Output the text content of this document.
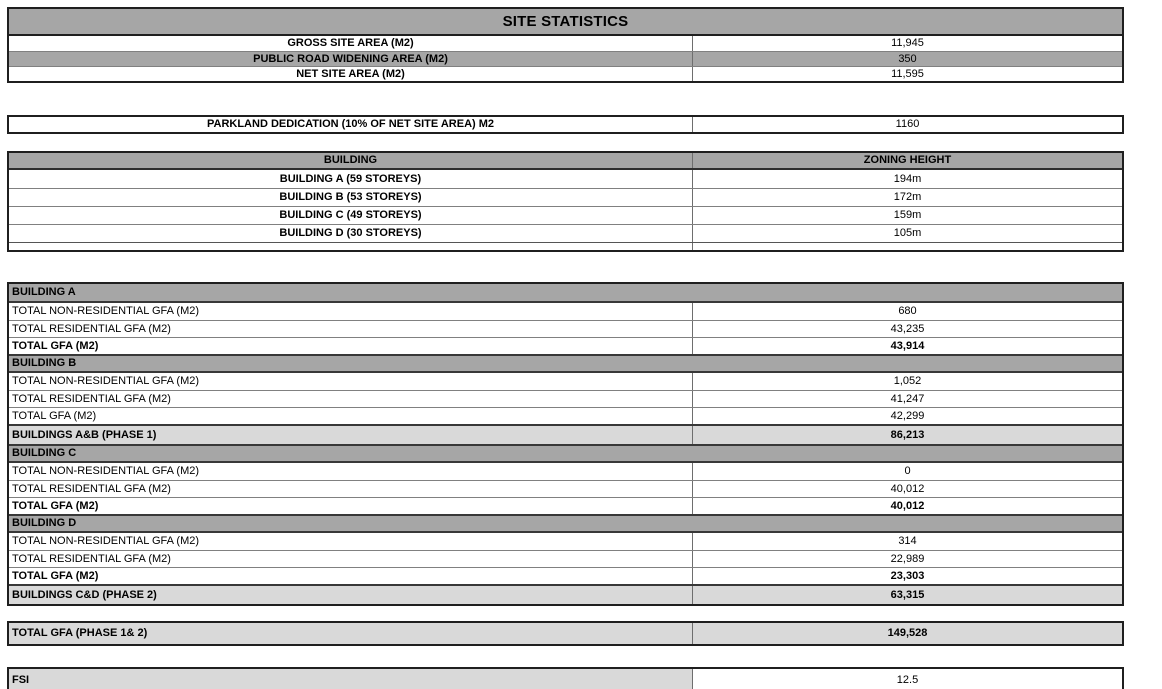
SITE STATISTICS
GROSS SITE AREA (M2)	11,945
PUBLIC ROAD WIDENING AREA (M2)	350
NET SITE AREA (M2)	11,595
PARKLAND DEDICATION (10% OF NET SITE AREA) M2	1160
BUILDING	ZONING HEIGHT
BUILDING A (59 STOREYS)	194m
BUILDING B (53 STOREYS)	172m
BUILDING C (49 STOREYS)	159m
BUILDING D (30 STOREYS)	105m
BUILDING A
TOTAL NON-RESIDENTIAL GFA (M2)	680
TOTAL RESIDENTIAL GFA (M2)	43,235
TOTAL GFA (M2)	43,914
BUILDING B
TOTAL NON-RESIDENTIAL GFA (M2)	1,052
TOTAL RESIDENTIAL GFA (M2)	41,247
TOTAL GFA (M2)	42,299
BUILDINGS A&B (PHASE 1)	86,213
BUILDING C
TOTAL NON-RESIDENTIAL GFA (M2)	0
TOTAL RESIDENTIAL GFA (M2)	40,012
TOTAL GFA (M2)	40,012
BUILDING D
TOTAL NON-RESIDENTIAL GFA (M2)	314
TOTAL RESIDENTIAL GFA (M2)	22,989
TOTAL GFA (M2)	23,303
BUILDINGS C&D (PHASE 2)	63,315
TOTAL GFA (PHASE 1& 2)	149,528
FSI	12.5
